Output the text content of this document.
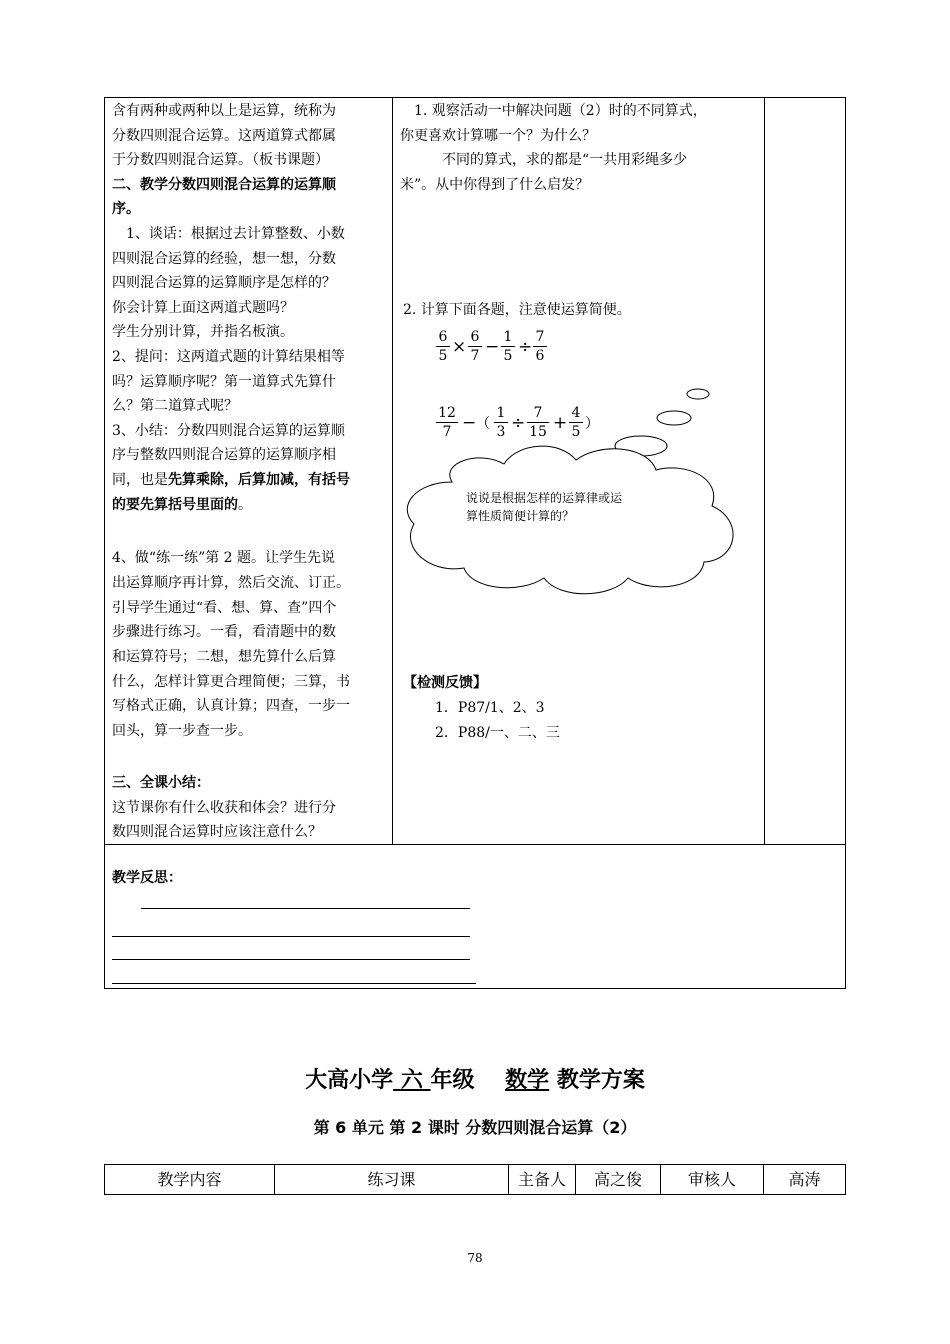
含有两种或两种以上是运算，统称为
分数四则混合运算。这两道算式都属
于分数四则混合运算。（板书课题）
二、教学分数四则混合运算的运算顺
序。
　1、谈话：根据过去计算整数、小数
四则混合运算的经验，想一想，分数
四则混合运算的运算顺序是怎样的？
你会计算上面这两道式题吗？
学生分别计算，并指名板演。
2、提问：这两道式题的计算结果相等
吗？运算顺序呢？第一道算式先算什
么？第二道算式呢？
3、小结：分数四则混合运算的运算顺
序与整数四则混合运算的运算顺序相
同，也是先算乘除，后算加减，有括号
的要先算括号里面的。
4、做“练一练”第 2 题。让学生先说
出运算顺序再计算，然后交流、订正。
引导学生通过“看、想、算、查”四个
步骤进行练习。一看，看清题中的数
和运算符号；二想，想先算什么后算
什么，怎样计算更合理简便；三算，书
写格式正确，认真计算；四查，一步一
回头，算一步查一步。
三、全课小结：
这节课你有什么收获和体会？进行分
数四则混合运算时应该注意什么？
　1. 观察活动一中解决问题（2）时的不同算式，
你更喜欢计算哪一个？为什么？
　　　不同的算式，求的都是“一共用彩绳多少
米”。从中你得到了什么启发？
2. 计算下面各题，注意使运算简便。
6
5 × 6
7 − 1
5 ÷ 7
6
12
7 − （
1
3 ÷ 7
15 + 4
5 ）
说说是根据怎样的运算律或运
算性质简便计算的？
【检测反馈】
1．P87/1、2、3
2．P88/一、二、三
教学反思：
大高小学 六 年级 数学 教学方案
第 6 单元 第 2 课时 分数四则混合运算（2）
教学内容	练习课	主备人	高之俊	审核人	高涛
78
